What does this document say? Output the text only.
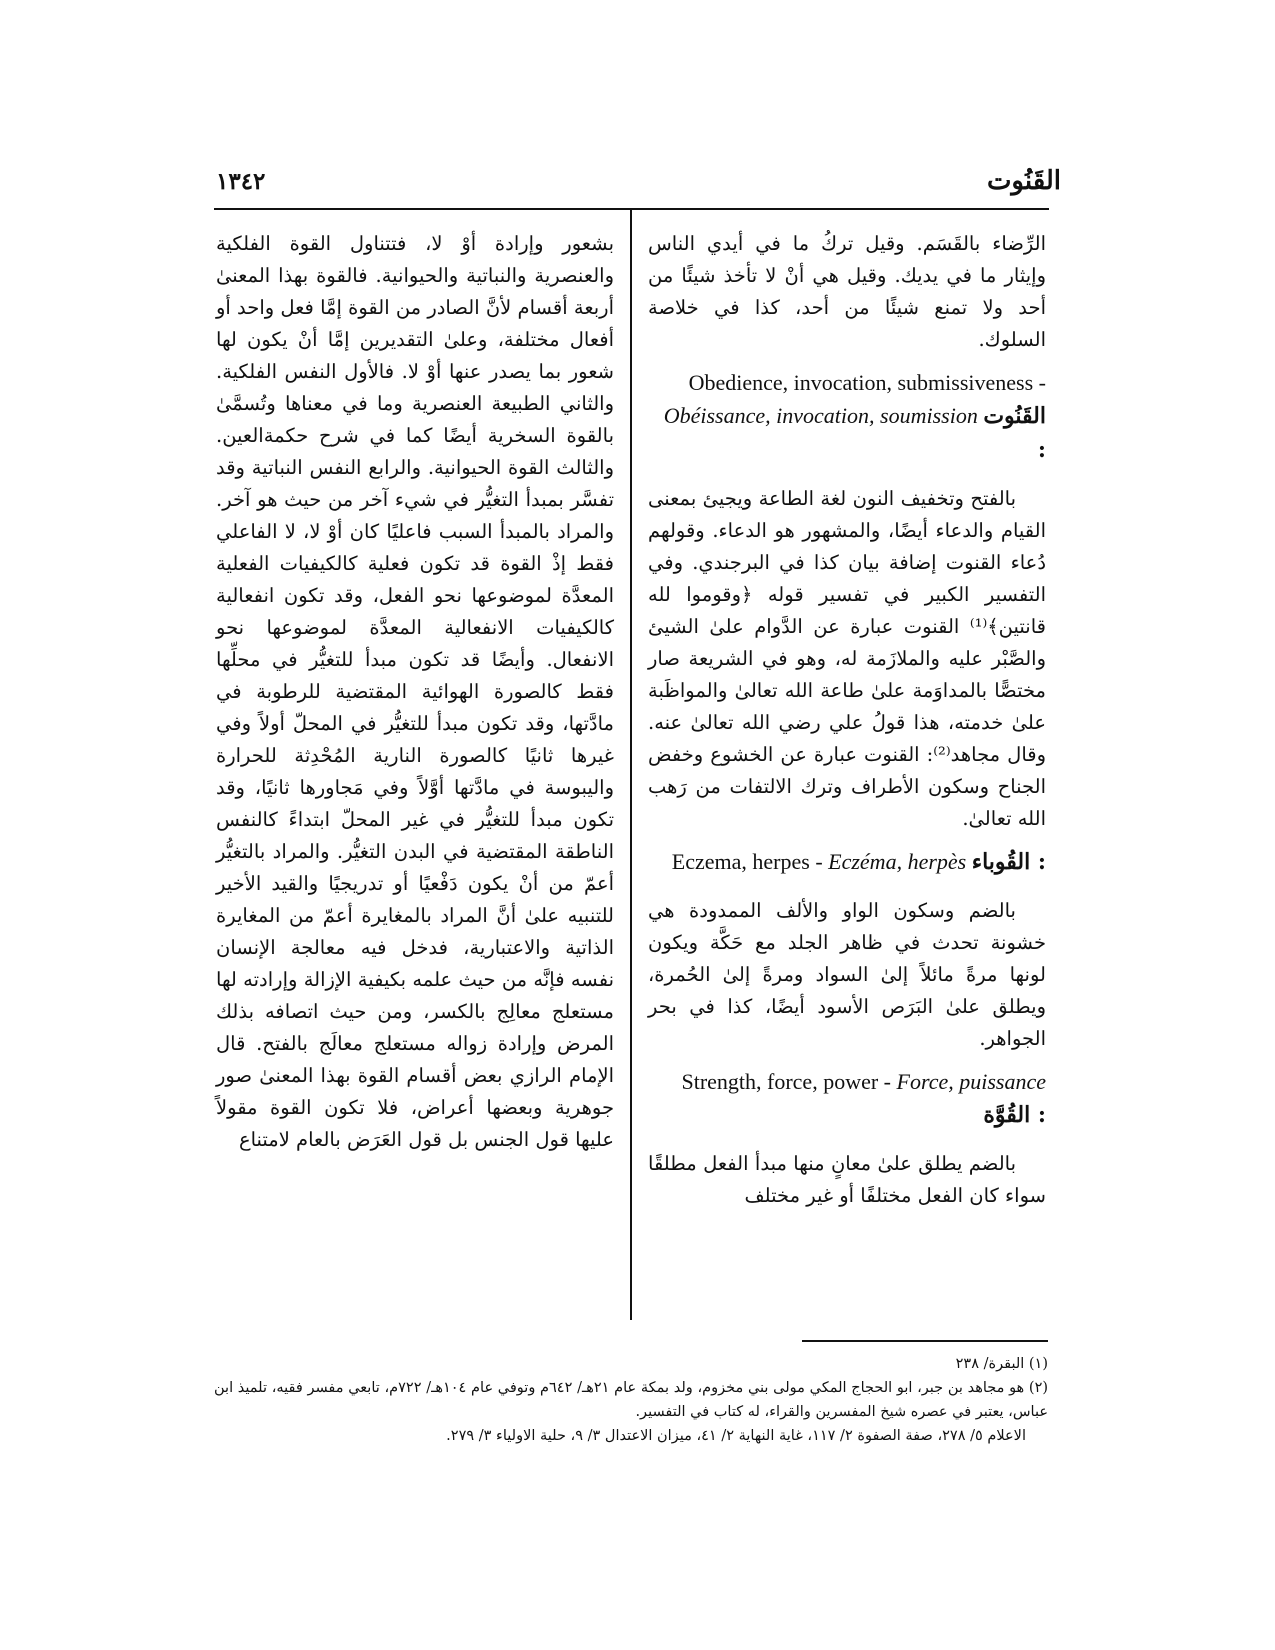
١٣٤٢	القَنُوت

الرِّضاء بالقَسَم. وقيل تركُ ما في أيدي الناس وإيثار ما في يديك. وقيل هي أنْ لا تأخذ شيئًا من أحد ولا تمنع شيئًا من أحد، كذا في خلاصة السلوك.

Obedience, invocation, submissiveness - Obéissance, invocation, soumission القَنُوت :

بالفتح وتخفيف النون لغة الطاعة ويجيئ بمعنى القيام والدعاء أيضًا، والمشهور هو الدعاء. وقولهم دُعاء القنوت إضافة بيان كذا في البرجندي. وفي التفسير الكبير في تفسير قوله ﴿وقوموا لله قانتين﴾⁽¹⁾ القنوت عبارة عن الدَّوام علىٰ الشيئ والصَّبْر عليه والملازَمة له، وهو في الشريعة صار مختصًّا بالمداوَمة علىٰ طاعة الله تعالىٰ والمواظَبة علىٰ خدمته، هذا قولُ علي رضي الله تعالىٰ عنه. وقال مجاهد⁽²⁾: القنوت عبارة عن الخشوع وخفض الجناح وسكون الأطراف وترك الالتفات من رَهب الله تعالىٰ.

Eczema, herpes - Eczéma, herpès القُوباء :

بالضم وسكون الواو والألف الممدودة هي خشونة تحدث في ظاهر الجلد مع حَكَّة ويكون لونها مرةً مائلاً إلىٰ السواد ومرةً إلىٰ الحُمرة، ويطلق علىٰ البَرَص الأسود أيضًا، كذا في بحر الجواهر.

Strength, force, power - Force, puissance القُوَّة :

بالضم يطلق علىٰ معانٍ منها مبدأ الفعل مطلقًا سواء كان الفعل مختلفًا أو غير مختلف

بشعور وإرادة أوْ لا، فتتناول القوة الفلكية والعنصرية والنباتية والحيوانية. فالقوة بهذا المعنىٰ أربعة أقسام لأنَّ الصادر من القوة إمَّا فعل واحد أو أفعال مختلفة، وعلىٰ التقديرين إمَّا أنْ يكون لها شعور بما يصدر عنها أوْ لا. فالأول النفس الفلكية. والثاني الطبيعة العنصرية وما في معناها وتُسمَّىٰ بالقوة السخرية أيضًا كما في شرح حكمةالعين. والثالث القوة الحيوانية. والرابع النفس النباتية وقد تفسَّر بمبدأ التغيُّر في شيء آخر من حيث هو آخر. والمراد بالمبدأ السبب فاعليًا كان أوْ لا، لا الفاعلي فقط إذْ القوة قد تكون فعلية كالكيفيات الفعلية المعدَّة لموضوعها نحو الفعل، وقد تكون انفعالية كالكيفيات الانفعالية المعدَّة لموضوعها نحو الانفعال. وأيضًا قد تكون مبدأ للتغيُّر في محلِّها فقط كالصورة الهوائية المقتضية للرطوبة في مادَّتها، وقد تكون مبدأ للتغيُّر في المحلّ أولاً وفي غيرها ثانيًا كالصورة النارية المُحْدِثة للحرارة واليبوسة في مادَّتها أوَّلاً وفي مَجاورها ثانيًا، وقد تكون مبدأ للتغيُّر في غير المحلّ ابتداءً كالنفس الناطقة المقتضية في البدن التغيُّر. والمراد بالتغيُّر أعمّ من أنْ يكون دَفْعيًا أو تدريجيًا والقيد الأخير للتنبيه علىٰ أنَّ المراد بالمغايرة أعمّ من المغايرة الذاتية والاعتبارية، فدخل فيه معالجة الإنسان نفسه فإنَّه من حيث علمه بكيفية الإزالة وإرادته لها مستعلج معالِج بالكسر، ومن حيث اتصافه بذلك المرض وإرادة زواله مستعلج معالَج بالفتح. قال الإمام الرازي بعض أقسام القوة بهذا المعنىٰ صور جوهرية وبعضها أعراض، فلا تكون القوة مقولاً عليها قول الجنس بل قول العَرَض بالعام لامتناع

(١) البقرة/ ٢٣٨

(٢) هو مجاهد بن جبر، ابو الحجاج المكي مولى بني مخزوم، ولد بمكة عام ٢١هـ/ ٦٤٢م وتوفي عام ١٠٤هـ/ ٧٢٢م، تابعي مفسر فقيه، تلميذ ابن عباس، يعتبر في عصره شيخ المفسرين والقراء، له كتاب في التفسير.

الاعلام ٥/ ٢٧٨، صفة الصفوة ٢/ ١١٧، غاية النهاية ٢/ ٤١، ميزان الاعتدال ٣/ ٩، حلية الاولياء ٣/ ٢٧٩.
